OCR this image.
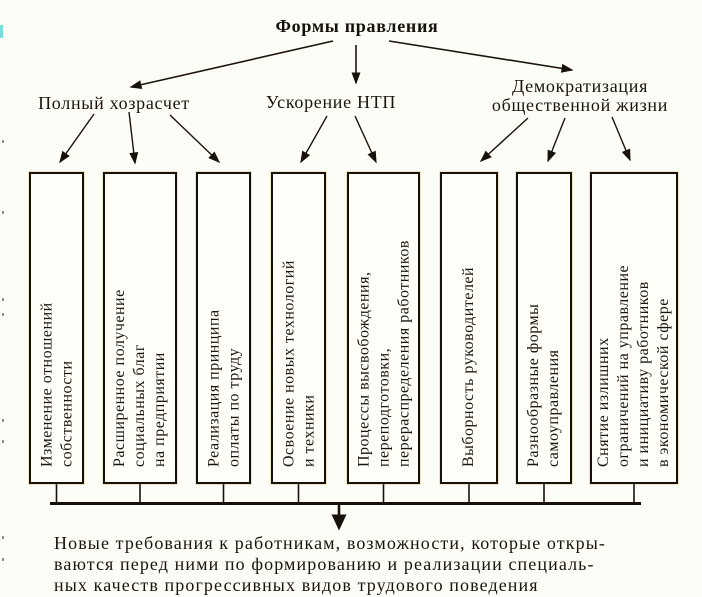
Формы правления
Полный хозрасчет	Ускорение НТП
Демократизация общественной жизни
Изменение отношений собственности Расширенное получение социальных благ на предприятии Реализация принципа оплаты по труду Освоение новых технологий и техники Процессы высвобождения, переподготовки, перераспределения работников	Выборность руководителей	Разнообразные формы самоуправления Снятие излишних ограничений на управление и инициативу работников в экономической сфере
Новые требования к работникам, возможности, которые откры-
ваются перед ними по формированию и реализации специаль-
ных качеств прогрессивных видов трудового поведения
